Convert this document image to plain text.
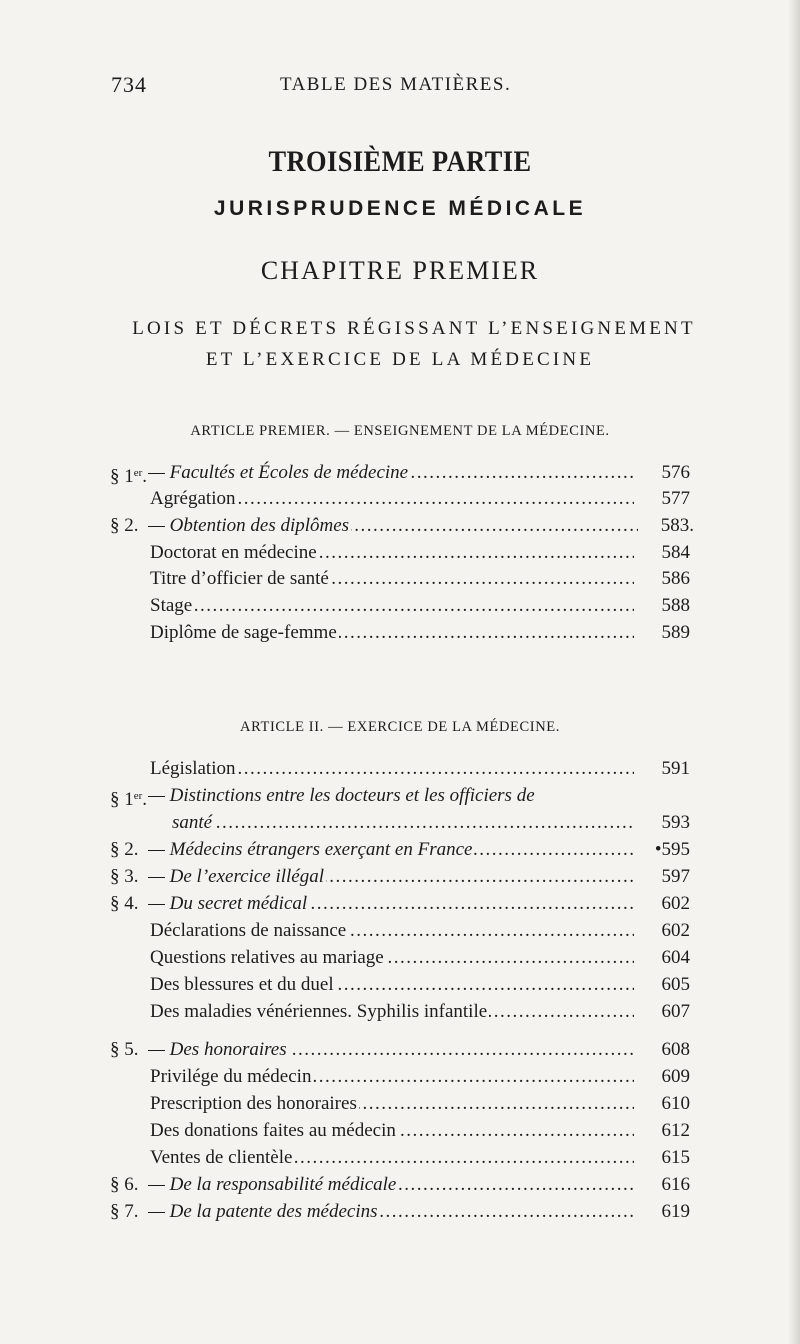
734	TABLE DES MATIÈRES.
TROISIÈME PARTIE
JURISPRUDENCE MÉDICALE
CHAPITRE PREMIER
LOIS ET DÉCRETS RÉGISSANT L’ENSEIGNEMENT
ET L’EXERCICE DE LA MÉDECINE
ARTICLE PREMIER. — ENSEIGNEMENT DE LA MÉDECINE.
§ 1er. — Facultés et Écoles de médecine .....	576
Agrégation .....	577
§ 2. — Obtention des diplômes .....	583.
Doctorat en médecine .....	584
Titre d’officier de santé .....	586
Stage .....	588
Diplôme de sage-femme .....	589
ARTICLE II. — EXERCICE DE LA MÉDECINE.
Législation .....	591
§ 1er. — Distinctions entre les docteurs et les officiers de
santé .....	593
§ 2. — Médecins étrangers exerçant en France .....	•595
§ 3. — De l’exercice illégal .....	597
§ 4. — Du secret médical .....	602
Déclarations de naissance .....	602
Questions relatives au mariage .....	604
Des blessures et du duel .....	605
Des maladies vénériennes. Syphilis infantile .....	607
§ 5. — Des honoraires .....	608
Privilége du médecin .....	609
Prescription des honoraires .....	610
Des donations faites au médecin .....	612
Ventes de clientèle .....	615
§ 6. — De la responsabilité médicale .....	616
§ 7. — De la patente des médecins .....	619
